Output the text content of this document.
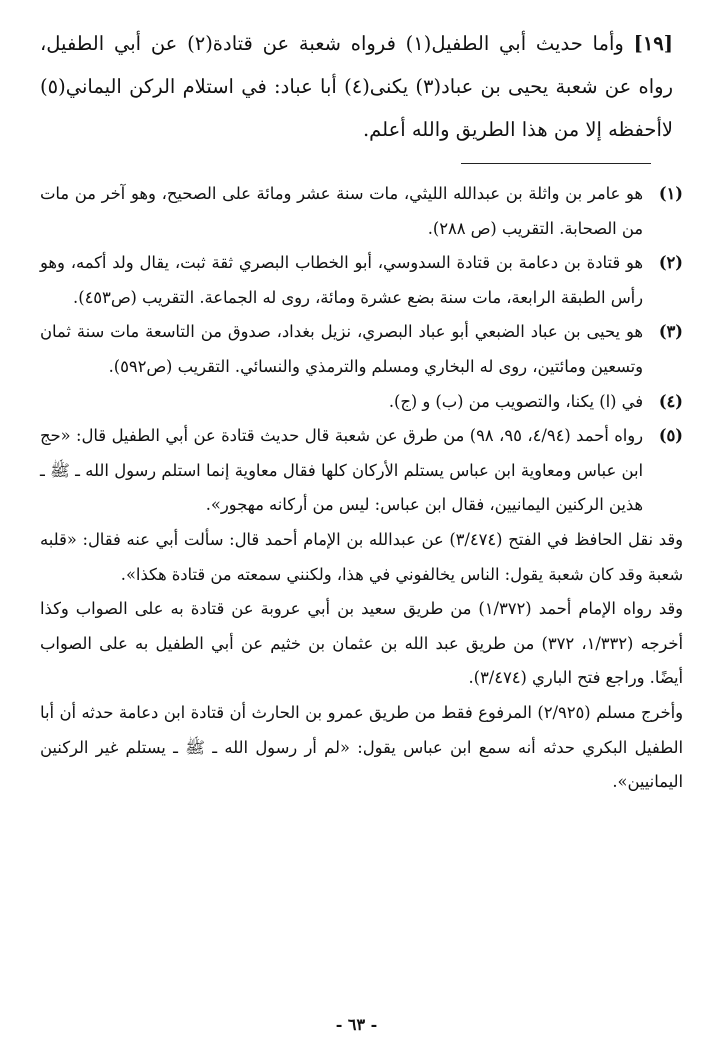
[١٩] وأما حديث أبي الطفيل(١) فرواه شعبة عن قتادة(٢) عن أبي الطفيل، رواه عن شعبة يحيى بن عباد(٣) يكنى(٤) أبا عباد: في استلام الركن اليماني(٥) لاأحفظه إلا من هذا الطريق والله أعلم.

(١)

هو عامر بن واثلة بن عبدالله الليثي، مات سنة عشر ومائة على الصحيح، وهو آخر من مات من الصحابة. التقريب (ص ٢٨٨).

(٢)

هو قتادة بن دعامة بن قتادة السدوسي، أبو الخطاب البصري ثقة ثبت، يقال ولد أكمه، وهو رأس الطبقة الرابعة، مات سنة بضع عشرة ومائة، روى له الجماعة. التقريب (ص٤٥٣).

(٣)

هو يحيى بن عباد الضبعي أبو عباد البصري، نزيل بغداد، صدوق من التاسعة مات سنة ثمان وتسعين ومائتين، روى له البخاري ومسلم والترمذي والنسائي. التقريب (ص٥٩٢).

(٤)

في (ا) يكنا، والتصويب من (ب) و (ج).

(٥)

رواه أحمد (٤/٩٤، ٩٥، ٩٨) من طرق عن شعبة قال حديث قتادة عن أبي الطفيل قال: «حج ابن عباس ومعاوية ابن عباس يستلم الأركان كلها فقال معاوية إنما استلم رسول الله ـ ﷺ ـ هذين الركنين اليمانيين، فقال ابن عباس: ليس من أركانه مهجور».

وقد نقل الحافظ في الفتح (٣/٤٧٤) عن عبدالله بن الإمام أحمد قال: سألت أبي عنه فقال: «قلبه شعبة وقد كان شعبة يقول: الناس يخالفوني في هذا، ولكنني سمعته من قتادة هكذا».

وقد رواه الإمام أحمد (١/٣٧٢) من طريق سعيد بن أبي عروبة عن قتادة به على الصواب وكذا أخرجه (١/٣٣٢، ٣٧٢) من طريق عبد الله بن عثمان بن خثيم عن أبي الطفيل به على الصواب أيضًا. وراجع فتح الباري (٣/٤٧٤).

وأخرج مسلم (٢/٩٢٥) المرفوع فقط من طريق عمرو بن الحارث أن قتادة ابن دعامة حدثه أن أبا الطفيل البكري حدثه أنه سمع ابن عباس يقول: «لم أر رسول الله ـ ﷺ ـ يستلم غير الركنين اليمانيين».

- ٦٣ -
